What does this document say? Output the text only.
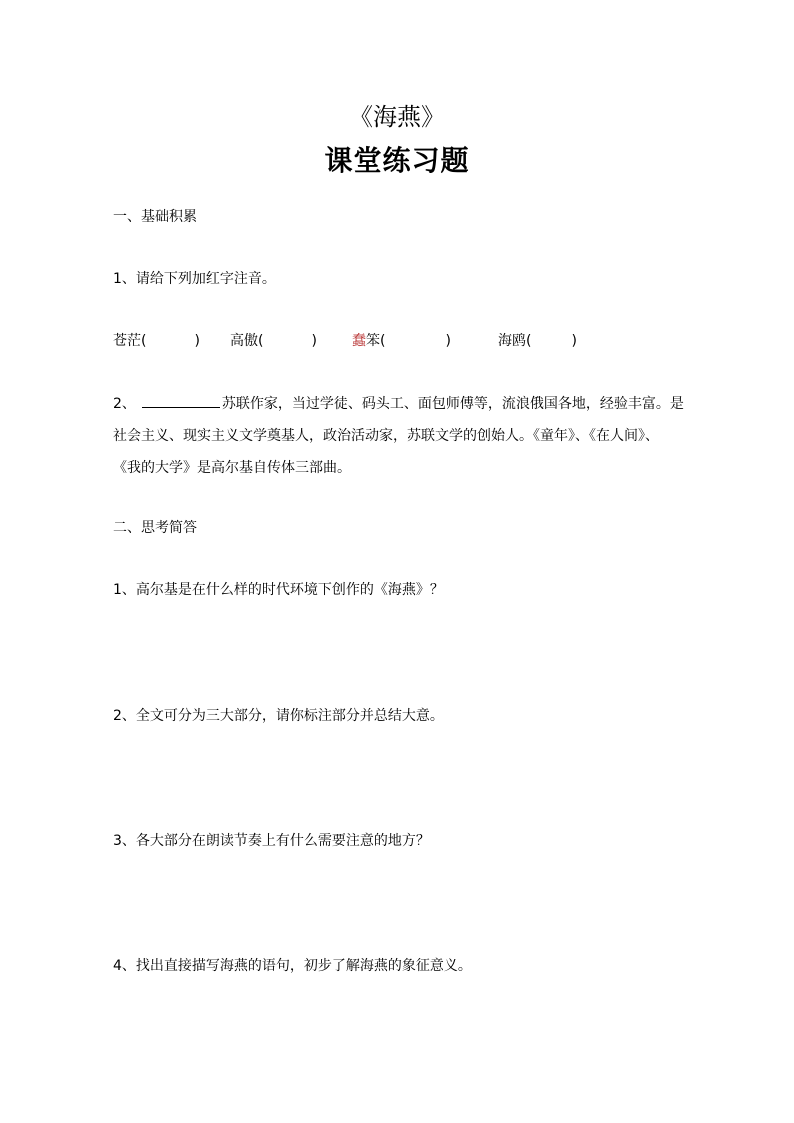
《海燕》
课堂练习题
一、基础积累
1、请给下列加红字注音。
苍茫(	) 高傲(	)	蠢笨(	)	海鸥(	)
2、	苏联作家，当过学徒、码头工、面包师傅等，流浪俄国各地，经验丰富。是
社会主义、现实主义文学奠基人，政治活动家，苏联文学的创始人。《童年》、《在人间》、
《我的大学》是高尔基自传体三部曲。
二、思考简答
1、高尔基是在什么样的时代环境下创作的《海燕》？
2、全文可分为三大部分，请你标注部分并总结大意。
3、各大部分在朗读节奏上有什么需要注意的地方？
4、找出直接描写海燕的语句，初步了解海燕的象征意义。
